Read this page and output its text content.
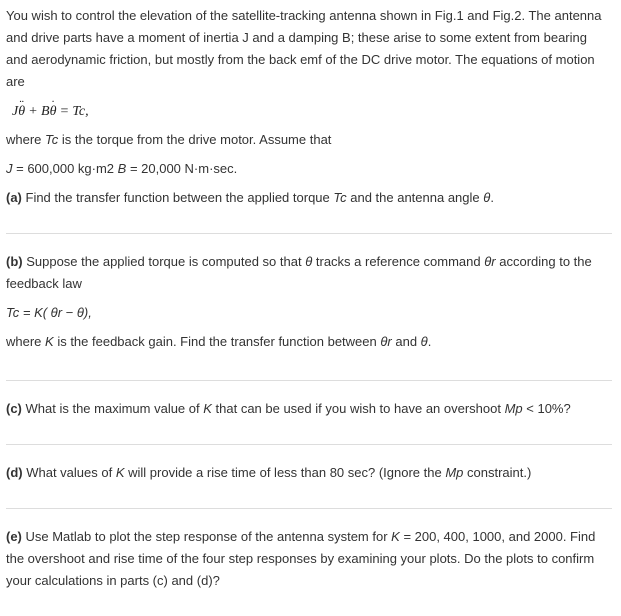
You wish to control the elevation of the satellite-tracking antenna shown in Fig.1 and Fig.2. The antenna and drive parts have a moment of inertia J and a damping B; these arise to some extent from bearing and aerodynamic friction, but mostly from the back emf of the DC drive motor. The equations of motion are

J¨ θ + B˙ θ = Tc,

where Tc is the torque from the drive motor. Assume that

J = 600,000 kg·m2 B = 20,000 N·m·sec.

(a) Find the transfer function between the applied torque Tc and the antenna angle θ.

(b) Suppose the applied torque is computed so that θ tracks a reference command θr according to the feedback law

Tc = K( θr − θ),

where K is the feedback gain. Find the transfer function between θr and θ.

(c) What is the maximum value of K that can be used if you wish to have an overshoot Mp < 10%?

(d) What values of K will provide a rise time of less than 80 sec? (Ignore the Mp constraint.)

(e) Use Matlab to plot the step response of the antenna system for K = 200, 400, 1000, and 2000. Find the overshoot and rise time of the four step responses by examining your plots. Do the plots to confirm your calculations in parts (c) and (d)?
